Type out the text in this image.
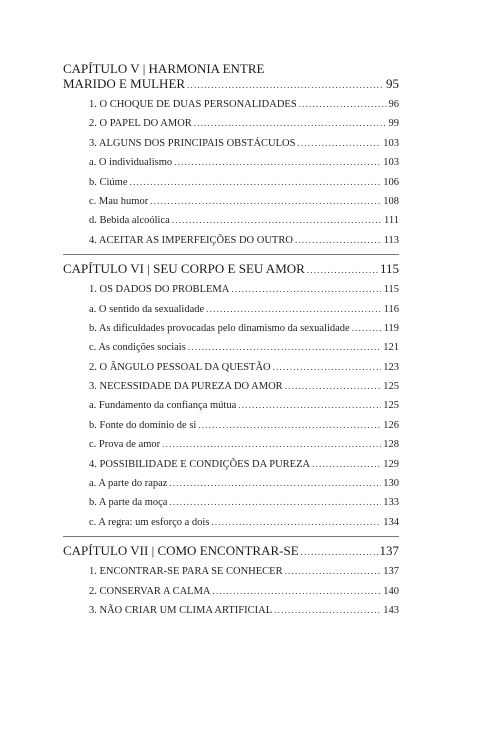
CAPÍTULO V | HARMONIA ENTRE
MARIDO E MULHER .....	95
1. O CHOQUE DE DUAS PERSONALIDADES .....	96
2. O PAPEL DO AMOR .....	99
3. ALGUNS DOS PRINCIPAIS OBSTÁCULOS .....	103
a. O individualismo .....	103
b. Ciúme .....	106
c. Mau humor .....	108
d. Bebida alcoólica .....	111
4. ACEITAR AS IMPERFEIÇÕES DO OUTRO .....	113
CAPÍTULO VI | SEU CORPO E SEU AMOR .....	115
1. OS DADOS DO PROBLEMA .....	115
a. O sentido da sexualidade .....	116
b. As dificuldades provocadas pelo dinamismo da sexualidade .....	119
c. As condições sociais .....	121
2. O ÂNGULO PESSOAL DA QUESTÃO .....	123
3. NECESSIDADE DA PUREZA DO AMOR .....	125
a. Fundamento da confiança mútua .....	125
b. Fonte do domínio de si .....	126
c. Prova de amor .....	128
4. POSSIBILIDADE E CONDIÇÕES DA PUREZA .....	129
a. A parte do rapaz .....	130
b. A parte da moça .....	133
c. A regra: um esforço a dois .....	134
CAPÍTULO VII | COMO ENCONTRAR-SE .....	137
1. ENCONTRAR-SE PARA SE CONHECER .....	137
2. CONSERVAR A CALMA .....	140
3. NÃO CRIAR UM CLIMA ARTIFICIAL .....	143
